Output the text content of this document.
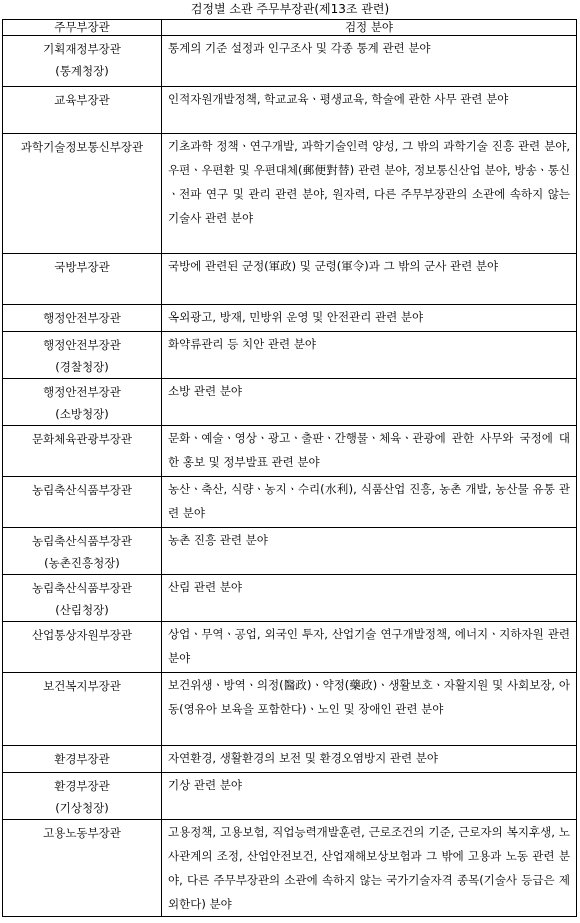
검정별 소관 주무부장관(제13조 관련)
주무부장관	검정 분야
기획재정부장관
(통계청장)	통계의 기준 설정과 인구조사 및 각종 통계 관련 분야
교육부장관	인적자원개발정책, 학교교육ㆍ평생교육, 학술에 관한 사무 관련 분야
과학기술정보통신부장관	기초과학 정책ㆍ연구개발, 과학기술인력 양성, 그 밖의 과학기술 진흥 관련 분야, 우편ㆍ우편환 및 우편대체(郵便對替) 관련 분야, 정보통신산업 분야, 방송ㆍ통신ㆍ전파 연구 및 관리 관련 분야, 원자력, 다른 주무부장관의 소관에 속하지 않는 기술사 관련 분야
국방부장관	국방에 관련된 군정(軍政) 및 군령(軍令)과 그 밖의 군사 관련 분야
행정안전부장관	옥외광고, 방재, 민방위 운영 및 안전관리 관련 분야
행정안전부장관
(경찰청장)	화약류관리 등 치안 관련 분야
행정안전부장관
(소방청장)	소방 관련 분야
문화체육관광부장관	문화ㆍ예술ㆍ영상ㆍ광고ㆍ출판ㆍ간행물ㆍ체육ㆍ관광에 관한 사무와 국정에 대한 홍보 및 정부발표 관련 분야
농림축산식품부장관	농산ㆍ축산, 식량ㆍ농지ㆍ수리(水利), 식품산업 진흥, 농촌 개발, 농산물 유통 관련 분야
농림축산식품부장관
(농촌진흥청장)	농촌 진흥 관련 분야
농림축산식품부장관
(산림청장)	산림 관련 분야
산업통상자원부장관	상업ㆍ무역ㆍ공업, 외국인 투자, 산업기술 연구개발정책, 에너지ㆍ지하자원 관련 분야
보건복지부장관	보건위생ㆍ방역ㆍ의정(醫政)ㆍ약정(藥政)ㆍ생활보호ㆍ자활지원 및 사회보장, 아동(영유아 보육을 포함한다)ㆍ노인 및 장애인 관련 분야
환경부장관	자연환경, 생활환경의 보전 및 환경오염방지 관련 분야
환경부장관
(기상청장)	기상 관련 분야
고용노동부장관	고용정책, 고용보험, 직업능력개발훈련, 근로조건의 기준, 근로자의 복지후생, 노사관계의 조정, 산업안전보건, 산업재해보상보험과 그 밖에 고용과 노동 관련 분야, 다른 주무부장관의 소관에 속하지 않는 국가기술자격 종목(기술사 등급은 제외한다) 분야
